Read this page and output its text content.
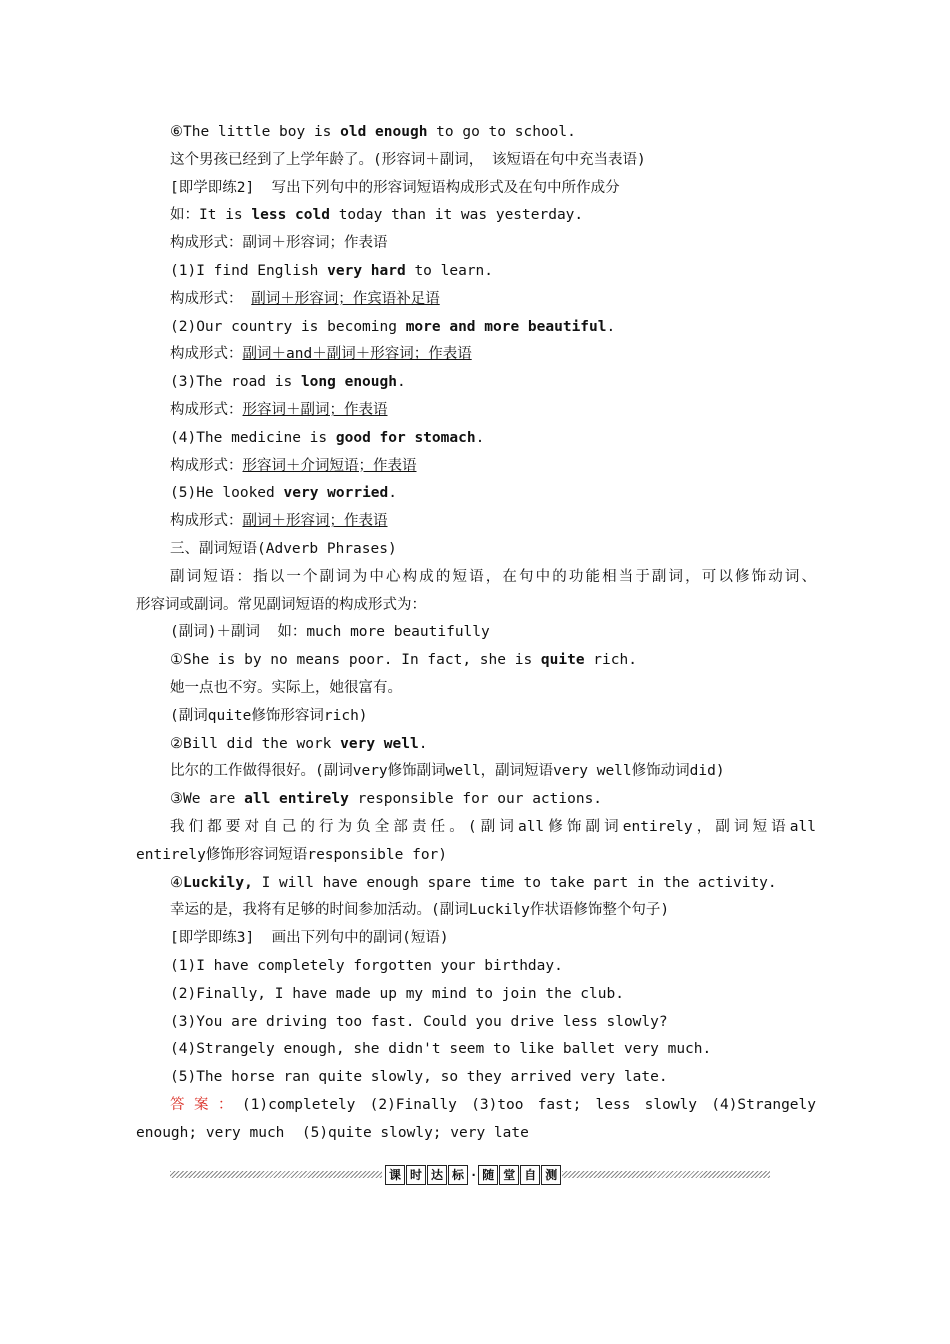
⑥The little boy is old enough to go to school.
这个男孩已经到了上学年龄了。(形容词＋副词， 该短语在句中充当表语)
[即学即练2]  写出下列句中的形容词短语构成形式及在句中所作成分
如：It is less cold today than it was yesterday.
构成形式：副词＋形容词；作表语
(1)I find English very hard to learn.
构成形式： 副词＋形容词；作宾语补足语
(2)Our country is becoming more and more beautiful.
构成形式：副词＋and＋副词＋形容词；作表语
(3)The road is long enough.
构成形式：形容词＋副词；作表语
(4)The medicine is good for stomach.
构成形式：形容词＋介词短语；作表语
(5)He looked very worried.
构成形式：副词＋形容词；作表语
三、副词短语(Adverb Phrases)
副词短语：指以一个副词为中心构成的短语，在句中的功能相当于副词，可以修饰动词、
形容词或副词。常见副词短语的构成形式为：
(副词)＋副词  如：much more beautifully
①She is by no means poor. In fact, she is quite rich.
她一点也不穷。实际上，她很富有。
(副词quite修饰形容词rich)
②Bill did the work very well.
比尔的工作做得很好。(副词very修饰副词well，副词短语very well修饰动词did)
③We are all entirely responsible for our actions.
我们都要对自己的行为负全部责任。(副词all修饰副词entirely，副词短语all
entirely修饰形容词短语responsible for)
④Luckily, I will have enough spare time to take part in the activity.
幸运的是，我将有足够的时间参加活动。(副词Luckily作状语修饰整个句子)
[即学即练3]  画出下列句中的副词(短语)
(1)I have completely forgotten your birthday.
(2)Finally, I have made up my mind to join the club.
(3)You are driving too fast. Could you drive less slowly?
(4)Strangely enough, she didn't seem to like ballet very much.
(5)The horse ran quite slowly, so they arrived very late.
答案：(1)completely (2)Finally (3)too fast; less slowly (4)Strangely
enough; very much  (5)quite slowly; very late
课 时 达 标 · 随 堂 自 测
